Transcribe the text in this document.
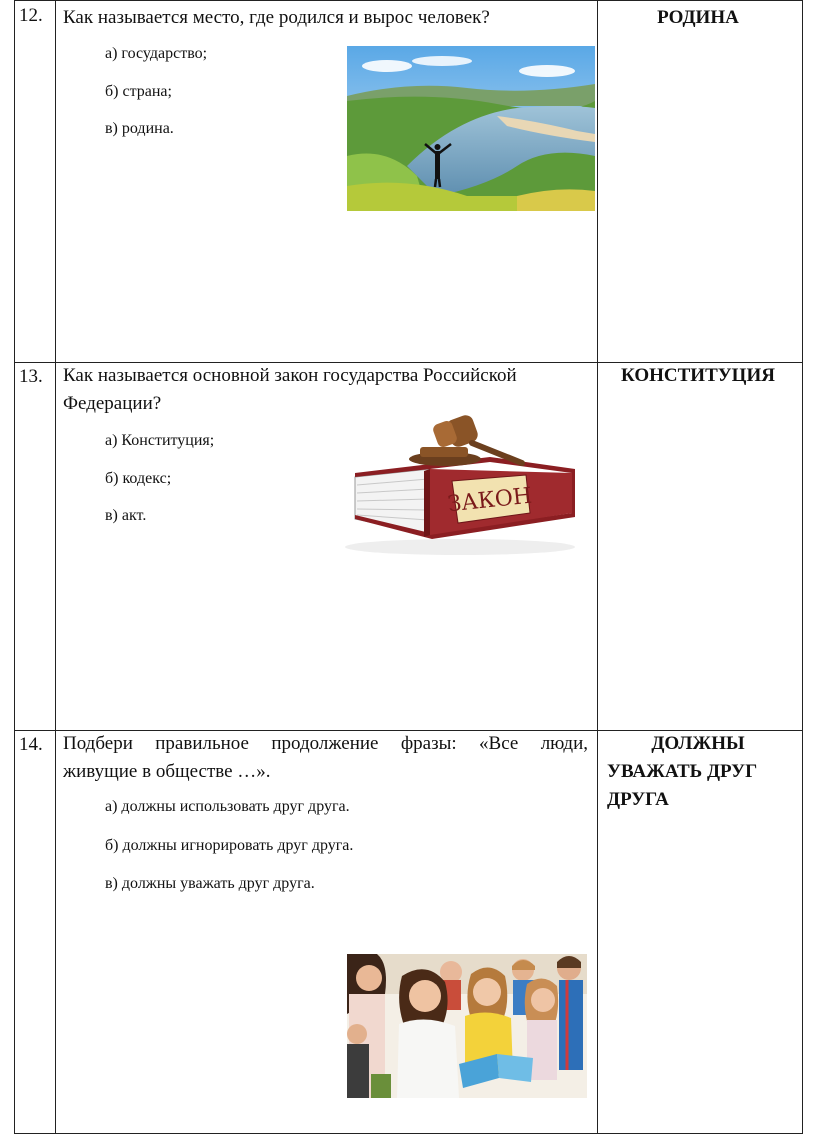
12. Как называется место, где родился и вырос человек?
а) государство;
б) страна;
в) родина.
РОДИНА
13. Как называется основной закон государства Российской
Федерации?
а) Конституция;
б) кодекс;
в) акт.
КОНСТИТУЦИЯ
ЗАКОН
14. Подбери правильное продолжение фразы: «Все люди,
живущие в обществе …».
а) должны использовать друг друга.
б) должны игнорировать друг друга.
в) должны уважать друг друга.
ДОЛЖНЫ
УВАЖАТЬ ДРУГ
ДРУГА
